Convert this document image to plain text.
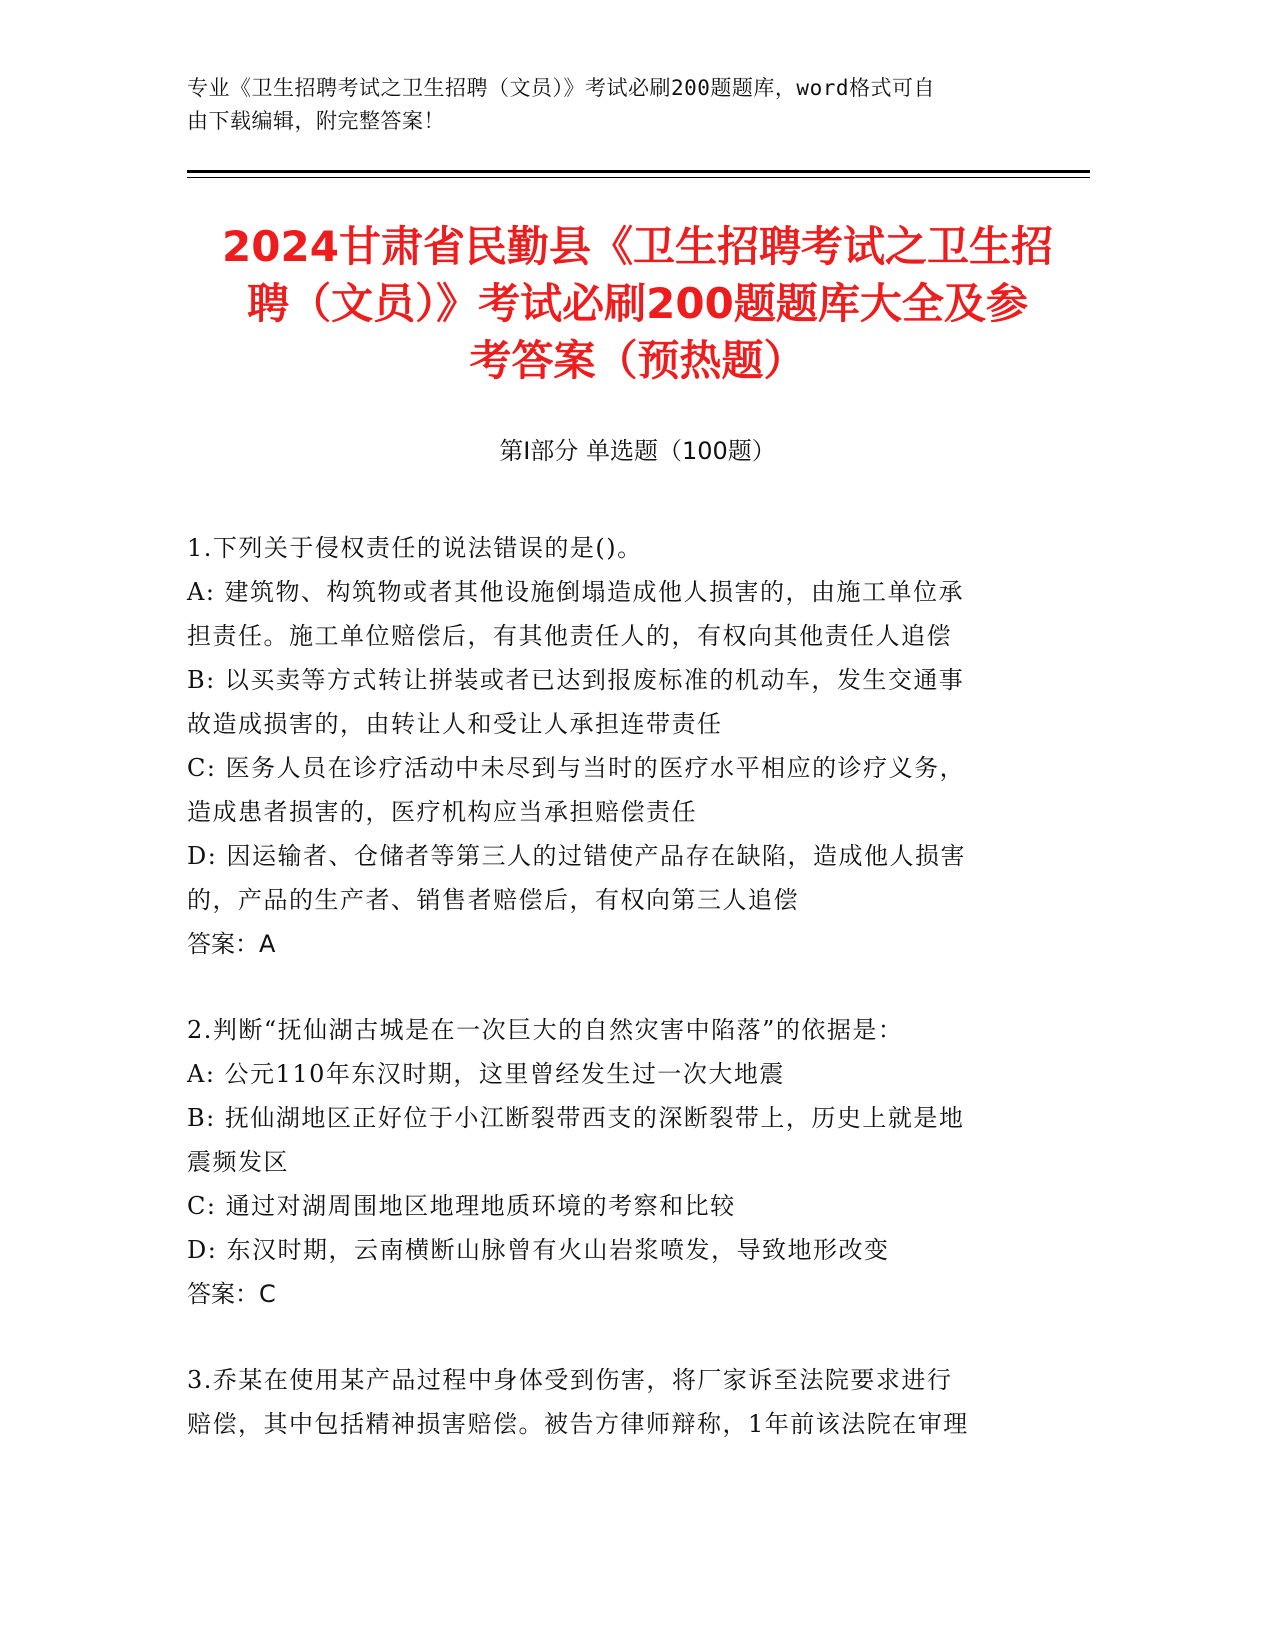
专业《卫生招聘考试之卫生招聘（文员）》考试必刷200题题库，word格式可自
由下载编辑，附完整答案！
2024甘肃省民勤县《卫生招聘考试之卫生招
聘（文员）》考试必刷200题题库大全及参
考答案（预热题）
第Ⅰ部分 单选题（100题）
1.下列关于侵权责任的说法错误的是()。
A: 建筑物、构筑物或者其他设施倒塌造成他人损害的，由施工单位承
担责任。施工单位赔偿后，有其他责任人的，有权向其他责任人追偿
B: 以买卖等方式转让拼装或者已达到报废标准的机动车，发生交通事
故造成损害的，由转让人和受让人承担连带责任
C: 医务人员在诊疗活动中未尽到与当时的医疗水平相应的诊疗义务，
造成患者损害的，医疗机构应当承担赔偿责任
D: 因运输者、仓储者等第三人的过错使产品存在缺陷，造成他人损害
的，产品的生产者、销售者赔偿后，有权向第三人追偿
答案：A
2.判断“抚仙湖古城是在一次巨大的自然灾害中陷落”的依据是：
A: 公元110年东汉时期，这里曾经发生过一次大地震
B: 抚仙湖地区正好位于小江断裂带西支的深断裂带上，历史上就是地
震频发区
C: 通过对湖周围地区地理地质环境的考察和比较
D: 东汉时期，云南横断山脉曾有火山岩浆喷发，导致地形改变
答案：C
3.乔某在使用某产品过程中身体受到伤害，将厂家诉至法院要求进行
赔偿，其中包括精神损害赔偿。被告方律师辩称，1年前该法院在审理
